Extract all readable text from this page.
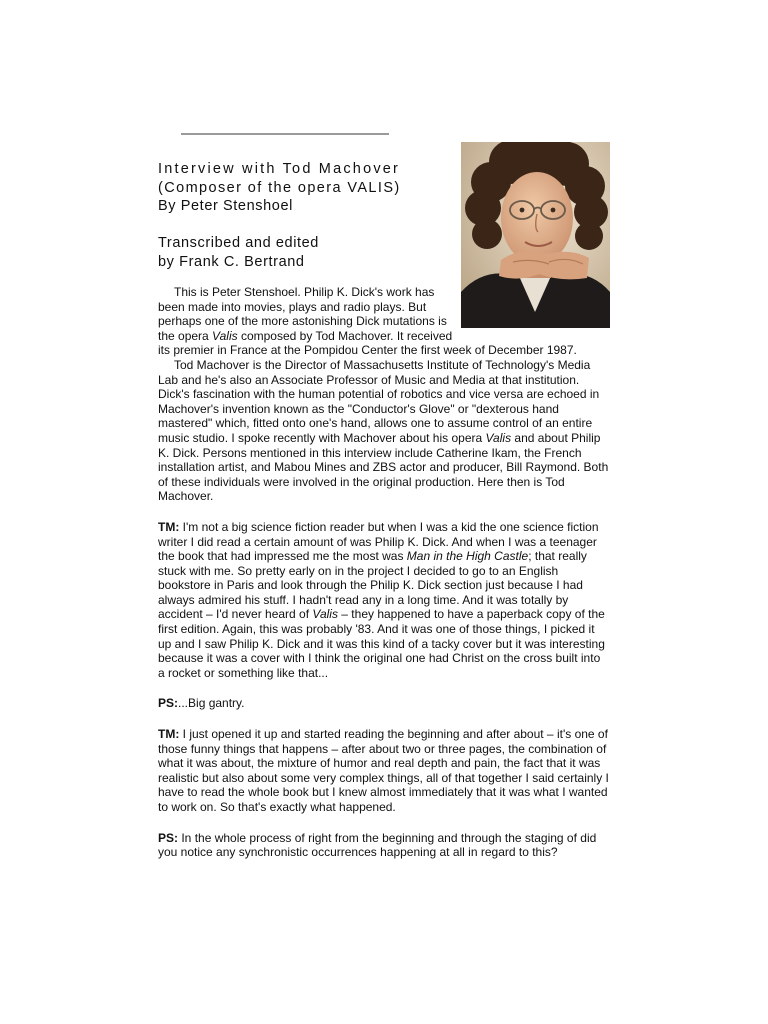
Interview with Tod Machover
(Composer of the opera VALIS)
By Peter Stenshoel
Transcribed and edited
by Frank C. Bertrand

This is Peter Stenshoel. Philip K. Dick's work has been made into movies, plays and radio plays. But perhaps one of the more astonishing Dick mutations is the opera Valis composed by Tod Machover. It received its premier in France at the Pompidou Center the first week of December 1987.

Tod Machover is the Director of Massachusetts Institute of Technology's Media Lab and he's also an Associate Professor of Music and Media at that institution. Dick's fascination with the human potential of robotics and vice versa are echoed in Machover's invention known as the "Conductor's Glove" or "dexterous hand mastered" which, fitted onto one's hand, allows one to assume control of an entire music studio. I spoke recently with Machover about his opera Valis and about Philip K. Dick. Persons mentioned in this interview include Catherine Ikam, the French installation artist, and Mabou Mines and ZBS actor and producer, Bill Raymond. Both of these individuals were involved in the original production. Here then is Tod Machover.

TM: I'm not a big science fiction reader but when I was a kid the one science fiction writer I did read a certain amount of was Philip K. Dick. And when I was a teenager the book that had impressed me the most was Man in the High Castle; that really stuck with me. So pretty early on in the project I decided to go to an English bookstore in Paris and look through the Philip K. Dick section just because I had always admired his stuff. I hadn't read any in a long time. And it was totally by accident – I'd never heard of Valis – they happened to have a paperback copy of the first edition. Again, this was probably '83. And it was one of those things, I picked it up and I saw Philip K. Dick and it was this kind of a tacky cover but it was interesting because it was a cover with I think the original one had Christ on the cross built into a rocket or something like that...

PS:...Big gantry.

TM: I just opened it up and started reading the beginning and after about – it's one of those funny things that happens – after about two or three pages, the combination of what it was about, the mixture of humor and real depth and pain, the fact that it was realistic but also about some very complex things, all of that together I said certainly I have to read the whole book but I knew almost immediately that it was what I wanted to work on. So that's exactly what happened.

PS: In the whole process of right from the beginning and through the staging of did you notice any synchronistic occurrences happening at all in regard to this?
